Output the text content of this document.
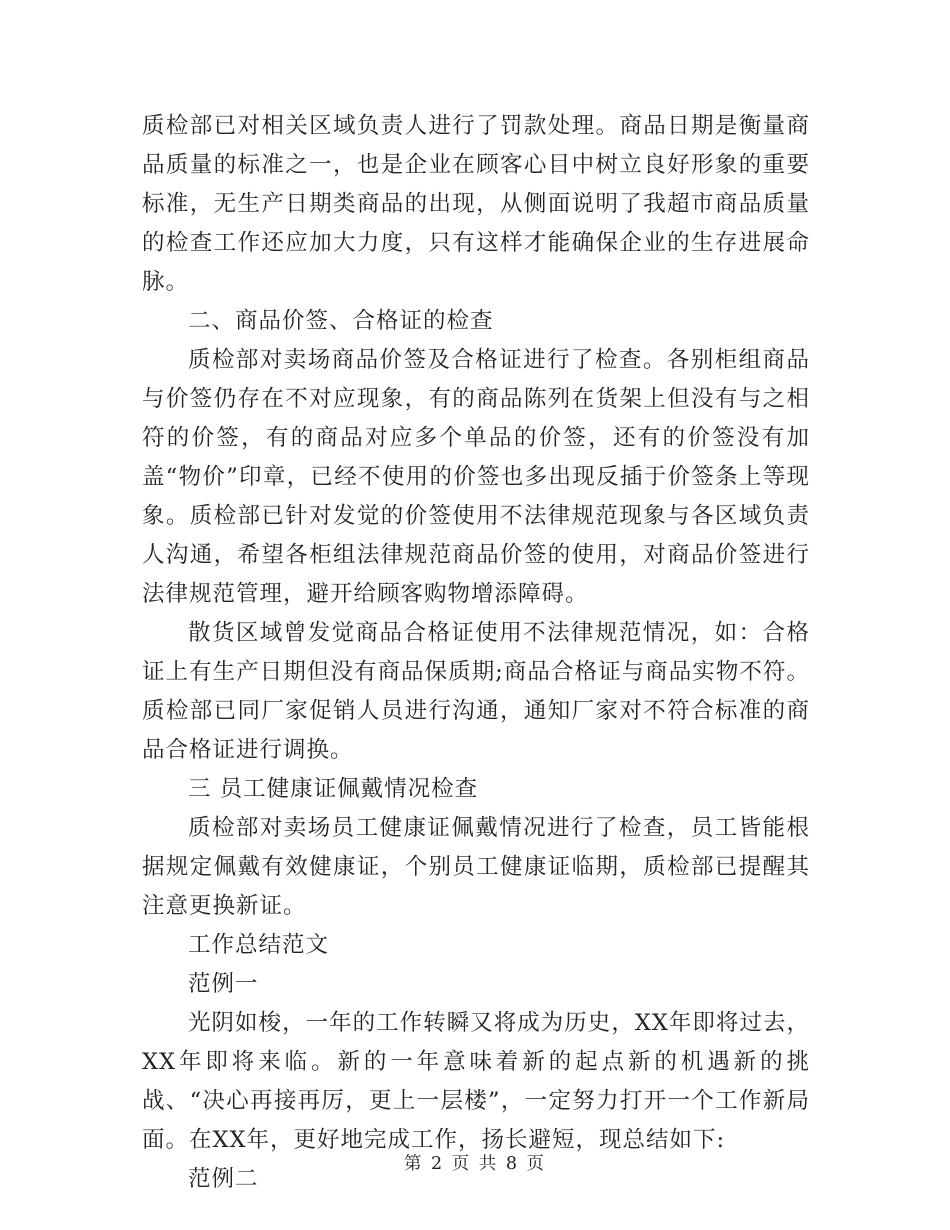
质检部已对相关区域负责人进行了罚款处理。商品日期是衡量商品质量的标准之一，也是企业在顾客心目中树立良好形象的重要标准，无生产日期类商品的出现，从侧面说明了我超市商品质量的检查工作还应加大力度，只有这样才能确保企业的生存进展命脉。

二、商品价签、合格证的检查

质检部对卖场商品价签及合格证进行了检查。各别柜组商品与价签仍存在不对应现象，有的商品陈列在货架上但没有与之相符的价签，有的商品对应多个单品的价签，还有的价签没有加盖“物价”印章，已经不使用的价签也多出现反插于价签条上等现象。质检部已针对发觉的价签使用不法律规范现象与各区域负责人沟通，希望各柜组法律规范商品价签的使用，对商品价签进行法律规范管理，避开给顾客购物增添障碍。

散货区域曾发觉商品合格证使用不法律规范情况，如：合格证上有生产日期但没有商品保质期;商品合格证与商品实物不符。质检部已同厂家促销人员进行沟通，通知厂家对不符合标准的商品合格证进行调换。

三 员工健康证佩戴情况检查

质检部对卖场员工健康证佩戴情况进行了检查，员工皆能根据规定佩戴有效健康证，个别员工健康证临期，质检部已提醒其注意更换新证。

工作总结范文

范例一

光阴如梭，一年的工作转瞬又将成为历史，XX年即将过去，XX年即将来临。新的一年意味着新的起点新的机遇新的挑战、“决心再接再厉，更上一层楼”，一定努力打开一个工作新局面。在XX年，更好地完成工作，扬长避短，现总结如下:

范例二

第 2 页 共 8 页
